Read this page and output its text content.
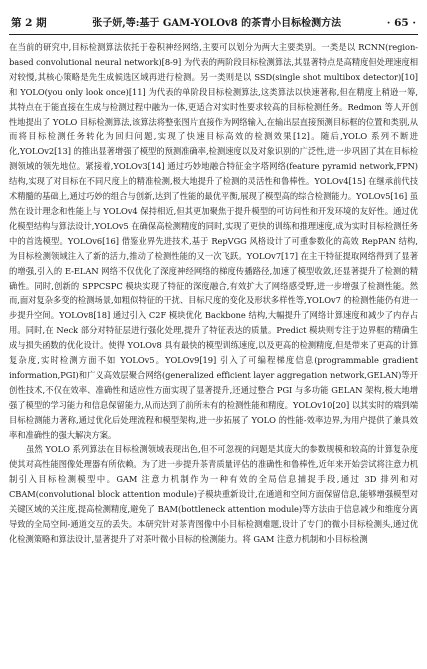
第 2 期	张子妍,等:基于 GAM-YOLOv8 的茶青小目标检测方法	· 65 ·

在当前的研究中,目标检测算法依托于卷积神经网络,主要可以划分为两大主要类别。一类是以 RCNN(region-based convolutional neural network)[8-9] 为代表的两阶段目标检测算法,其显著特点是高精度但处理速度相对较慢,其核心策略是先生成候选区域再进行检测。另一类则是以 SSD(single shot multibox detector)[10] 和 YOLO(you only look once)[11] 为代表的单阶段目标检测算法,这类算法以快速著称,但在精度上稍逊一筹,其特点在于能直接在生成与检测过程中融为一体,更适合对实时性要求较高的目标检测任务。Redmon 等人开创性地提出了 YOLO 目标检测算法,该算法将整张图片直接作为网络输入,在输出层直接预测目标框的位置和类别,从而将目标检测任务转化为回归问题,实现了快速目标高效的检测效果[12]。随后,YOLO 系列不断进化,YOLOv2[13] 的推出显著增强了模型的预测准确率,检测速度以及对象识别的广泛性,进一步巩固了其在目标检测领域的领先地位。紧接着,YOLOv3[14] 通过巧妙地融合特征金字塔网络(feature pyramid network,FPN)结构,实现了对目标在不同尺度上的精准检测,极大地提升了检测的灵活性和鲁棒性。YOLOv4[15] 在继承前代技术精髓的基础上,通过巧妙的组合与创新,达到了性能的最优平衡,展现了模型高的综合检测能力。YOLOv5[16] 虽然在设计理念和性能上与 YOLOv4 保持相近,但其更加聚焦于提升模型的可访问性和开发环境的友好性。通过优化模型结构与算法设计,YOLOv5 在确保高检测精度的同时,实现了更快的训练和推理速度,成为实时目标检测任务中的首选模型。YOLOv6[16] 借鉴业界先进技术,基于 RepVGG 风格设计了可重参数化的高效 RepPAN 结构,为目标检测领域注入了新的活力,推动了检测性能的又一次飞跃。YOLOv7[17] 在主干特征提取网络得到了显著的增强,引入的 E-ELAN 网络不仅优化了深度神经网络的梯度传播路径,加速了模型收敛,还显著提升了检测的精确性。同时,创新的 SPPCSPC 模块实现了特征的深度融合,有效扩大了网络感受野,进一步增强了检测性能。然而,面对复杂多变的检测场景,如粗似特征的干扰、目标尺度的变化及形状多样性等,YOLOv7 的检测性能仍有进一步提升空间。YOLOv8[18] 通过引入 C2F 模块优化 Backbone 结构,大幅提升了网络计算速度和减少了内存占用。同时,在 Neck 部分对特征层进行强化处理,提升了特征表达的质量。Predict 模块则专注于边界框的精确生成与损失函数的优化设计。使得 YOLOv8 具有最快的模型训练速度,以及更高的检测精度,但是带来了更高的计算复杂度,实时检测方面不如 YOLOv5。YOLOv9[19] 引入了可编程梯度信息(programmable gradient information,PGI)和广义高效层聚合网络(generalized efficient layer aggregation network,GELAN)等开创性技术,不仅在效率、准确性和适应性方面实现了显著提升,还通过整合 PGI 与多功能 GELAN 架构,极大地增强了模型的学习能力和信息保留能力,从而达到了前所未有的检测性能和精度。YOLOv10[20] 以其实时的端到端目标检测能力著称,通过优化后处理流程和模型架构,进一步拓展了 YOLO 的性能-效率边界,为用户提供了兼具效率和准确性的强大解决方案。

虽然 YOLO 系列算法在目标检测领域表现出色,但不可忽视的问题是其庞大的参数规模和较高的计算复杂度使其对高性能图像处理器有所依赖。为了进一步提升茶青质量评估的准确性和鲁棒性,近年来开始尝试将注意力机制引入目标检测模型中。GAM 注意力机制作为一种有效的全局信息捕捉手段,通过 3D 排列和对 CBAM(convolutional block attention module)子模块重新设计,在通道和空间方面保留信息,能够增强模型对关键区域的关注度,提高检测精度,避免了 BAM(bottleneck attention module)等方法由于信息减少和维度分离导致的全局空间-通道交互的丢失。本研究针对茶青图像中小目标检测难题,设计了专门的微小目标检测头,通过优化检测策略和算法设计,显著提升了对茶叶微小目标的检测能力。将 GAM 注意力机制和小目标检测
